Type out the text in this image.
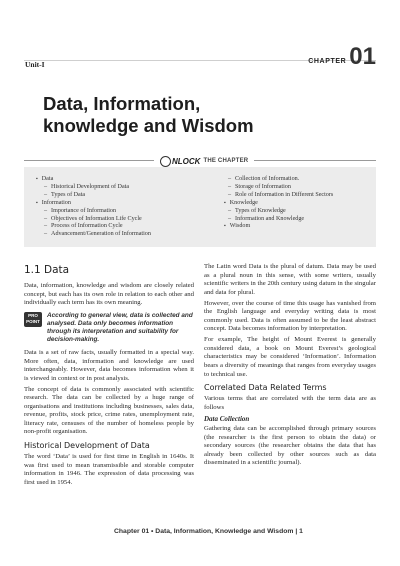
Unit-I	CHAPTER 01
Data, Information,
knowledge and Wisdom
NLOCK THE CHAPTER
▪ Data
– Historical Development of Data
– Types of Data
▪ Information
– Importance of Information
– Objectives of Information Life Cycle
– Process of Information Cycle
– Advancement/Generation of Information
– Collection of Information.
– Storage of Information
– Role of Information in Different Sectors
▪ Knowledge
– Types of Knowledge
– Information and Knowledge
▪ Wisdom
1.1 Data

Data, information, knowledge and wisdom are closely related concept, but each has its own role in relation to each other and individually each term has its own meaning.

PRO POINT
According to general view, data is collected and analysed. Data only becomes information through its interpretation and suitability for decision-making.

Data is a set of raw facts, usually formatted in a special way. More often, data, information and knowledge are used interchangeably. However, data becomes information when it is viewed in context or in post analysis.

The concept of data is commonly associated with scientific research. The data can be collected by a huge range of organisations and institutions including businesses, sales data, revenue, profits, stock price, crime rates, unemployment rate, literacy rate, censuses of the number of homeless people by non-profit organisation.

Historical Development of Data

The word ‘Data’ is used for first time in English in 1640s. It was first used to mean transmissible and storable computer information in 1946. The expression of data processing was first used in 1954.

The Latin word Data is the plural of datum. Data may be used as a plural noun in this sense, with some writers, usually scientific writers in the 20th century using datum in the singular and data for plural.

However, over the course of time this usage has vanished from the English language and everyday writing data is most commonly used. Data is often assumed to be the least abstract concept. Data becomes information by interpretation.

For example, The height of Mount Everest is generally considered data, a book on Mount Everest’s geological characteristics may be considered ‘Information’. Information bears a diversity of meanings that ranges from everyday usages to technical use.

Correlated Data Related Terms

Various terms that are correlated with the term data are as follows

Data Collection

Gathering data can be accomplished through primary sources (the researcher is the first person to obtain the data) or secondary sources (the researcher obtains the data that has already been collected by other sources such as data disseminated in a scientific journal).

Chapter 01 • Data, Information, Knowledge and Wisdom | 1
